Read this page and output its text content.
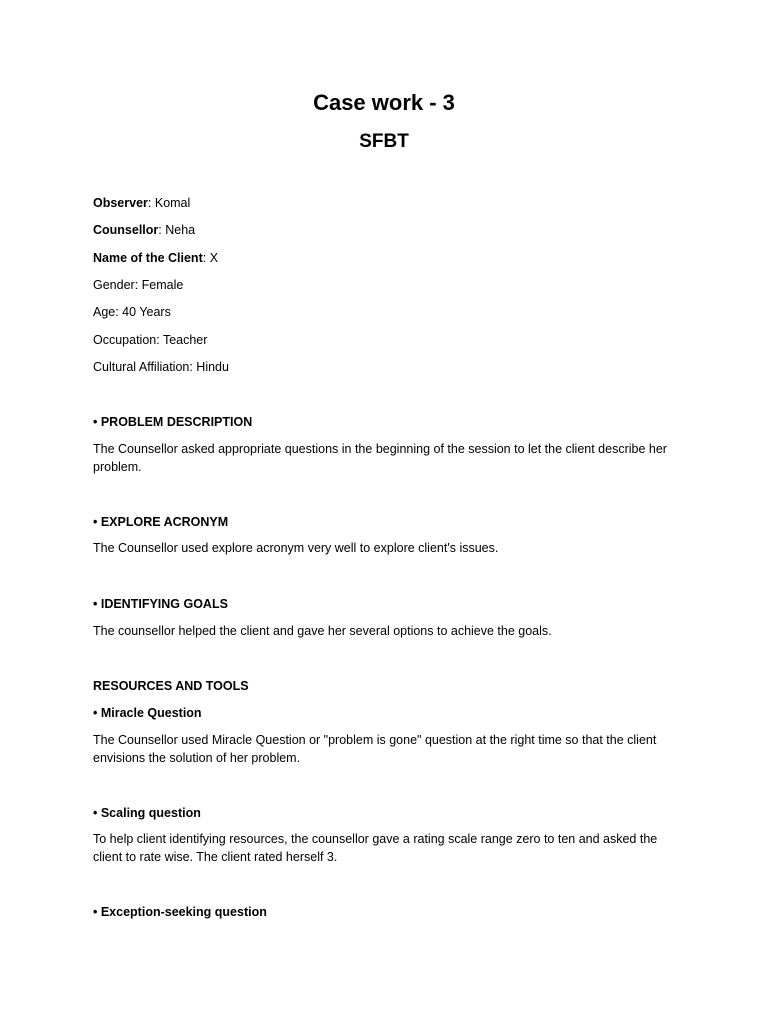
Case work - 3
SFBT

Observer: Komal

Counsellor: Neha

Name of the Client: X

Gender: Female

Age: 40 Years

Occupation: Teacher

Cultural Affiliation: Hindu

• PROBLEM DESCRIPTION

The Counsellor asked appropriate questions in the beginning of the session to let the client describe her problem.

• EXPLORE ACRONYM

The Counsellor used explore acronym very well to explore client's issues.

• IDENTIFYING GOALS

The counsellor helped the client and gave her several options to achieve the goals.

RESOURCES AND TOOLS

• Miracle Question

The Counsellor used Miracle Question or "problem is gone" question at the right time so that the client envisions the solution of her problem.

• Scaling question

To help client identifying resources, the counsellor gave a rating scale range zero to ten and asked the client to rate wise. The client rated herself 3.

• Exception-seeking question
